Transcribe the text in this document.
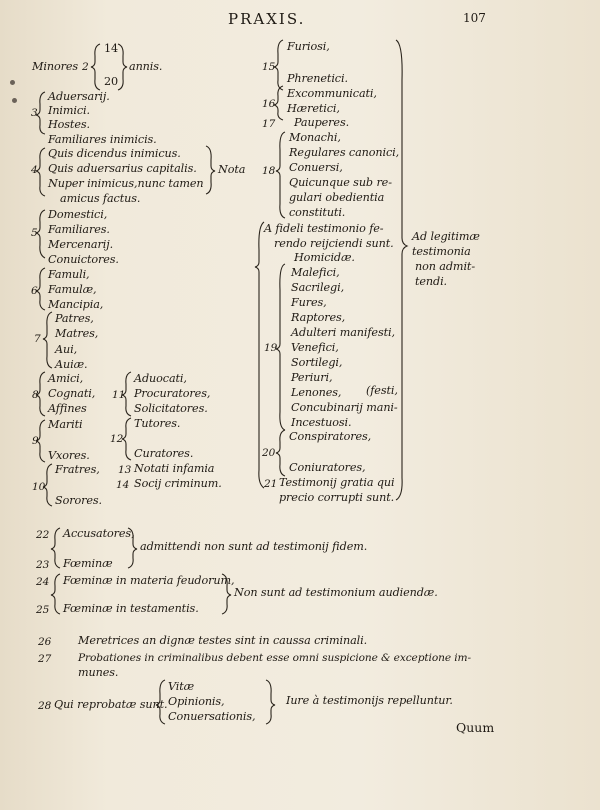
PRAXIS.	107
Minores 2
14
20
annis.
3
Aduersarij.
Inimici.
Hostes.
Familiares inimicis.
4
Quis dicendus inimicus.
Quis aduersarius capitalis.
Nuper inimicus,nunc tamen
amicus factus.
Nota
5
Domestici,
Familiares.
Mercenarij.
Conuictores.
6
Famuli,
Famulæ,
Mancipia,
7
Patres,
Matres,
Aui,
Auiæ.
8
Amici,
Cognati,
Affines
9
Mariti
Vxores.
10
Fratres,
Sorores.
11
Aduocati,
Procuratores,
Solicitatores.
12
Tutores.
Curatores.
13 Notati infamia
14 Socij criminum.
15
Furiosi,
Phrenetici.
16
Excommunicati,
Hæretici,
17 Pauperes.
18
Monachi,
Regulares canonici,
Conuersi,
Quicunque sub re-
gulari obedientia
constituti.
A fideli testimonio fe-
rendo reijciendi sunt.
19
Homicidæ.
Malefici,
Sacrilegi,
Fures,
Raptores,
Adulteri manifesti,
Venefici,
Sortilegi,
Periuri,
Lenones,
Concubinarij mani-
Incestuosi.
(festi,
20
Conspiratores,
Coniuratores,
21 Testimonij gratia qui
precio corrupti sunt.
Ad legitimæ
testimonia
non admit-
tendi.
22 Accusatores,
23 Fœminæ
admittendi non sunt ad testimonij fidem.
24 Fœminæ in materia feudorum,
25 Fœminæ in testamentis.
Non sunt ad testimonium audiendæ.
26 Meretrices an dignæ testes sint in caussa criminali.
27	Probationes in criminalibus debent esse omni suspicione & exceptione im-
munes.
28 Qui reprobatæ sunt.
Vitæ
Opinionis,
Conuersationis,
Iure à testimonijs repelluntur.
Quum
